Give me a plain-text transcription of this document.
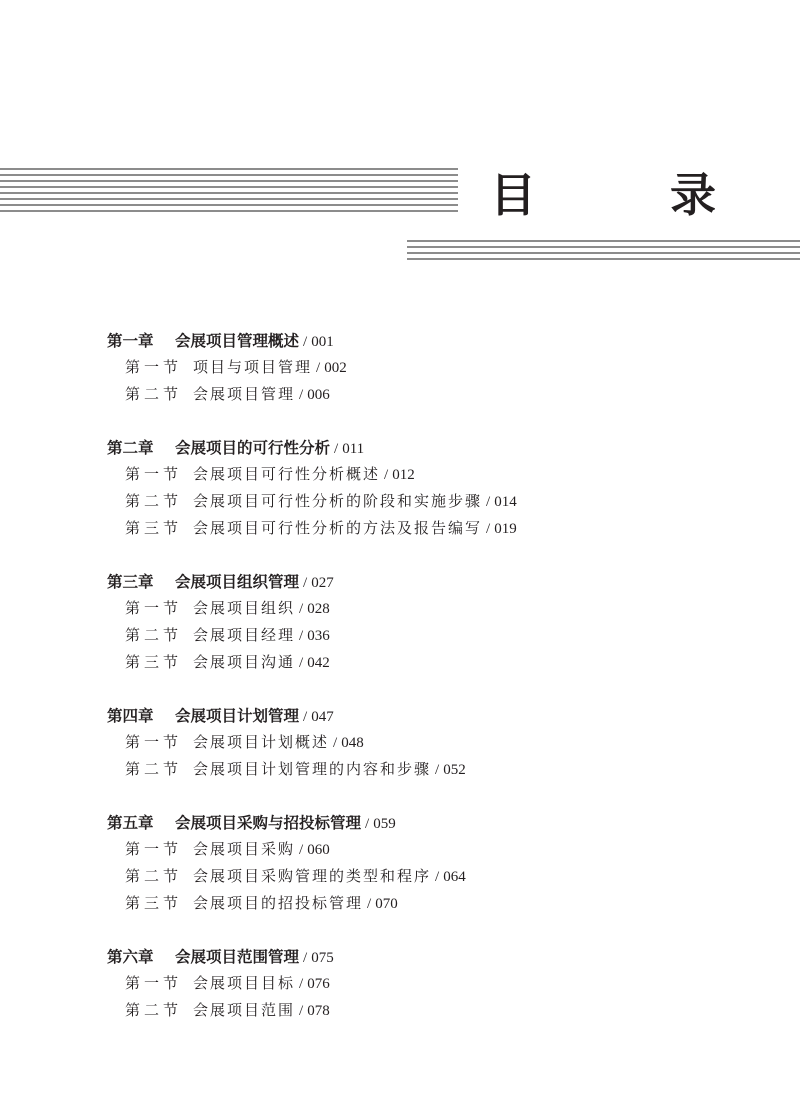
目　录
第一章	会展项目管理概述 / 001
第一节 项目与项目管理 / 002
第二节 会展项目管理 / 006
第二章	会展项目的可行性分析 / 011
第一节 会展项目可行性分析概述 / 012
第二节 会展项目可行性分析的阶段和实施步骤 / 014
第三节 会展项目可行性分析的方法及报告编写 / 019
第三章	会展项目组织管理 / 027
第一节 会展项目组织 / 028
第二节 会展项目经理 / 036
第三节 会展项目沟通 / 042
第四章	会展项目计划管理 / 047
第一节 会展项目计划概述 / 048
第二节 会展项目计划管理的内容和步骤 / 052
第五章	会展项目采购与招投标管理 / 059
第一节 会展项目采购 / 060
第二节 会展项目采购管理的类型和程序 / 064
第三节 会展项目的招投标管理 / 070
第六章	会展项目范围管理 / 075
第一节 会展项目目标 / 076
第二节 会展项目范围 / 078
